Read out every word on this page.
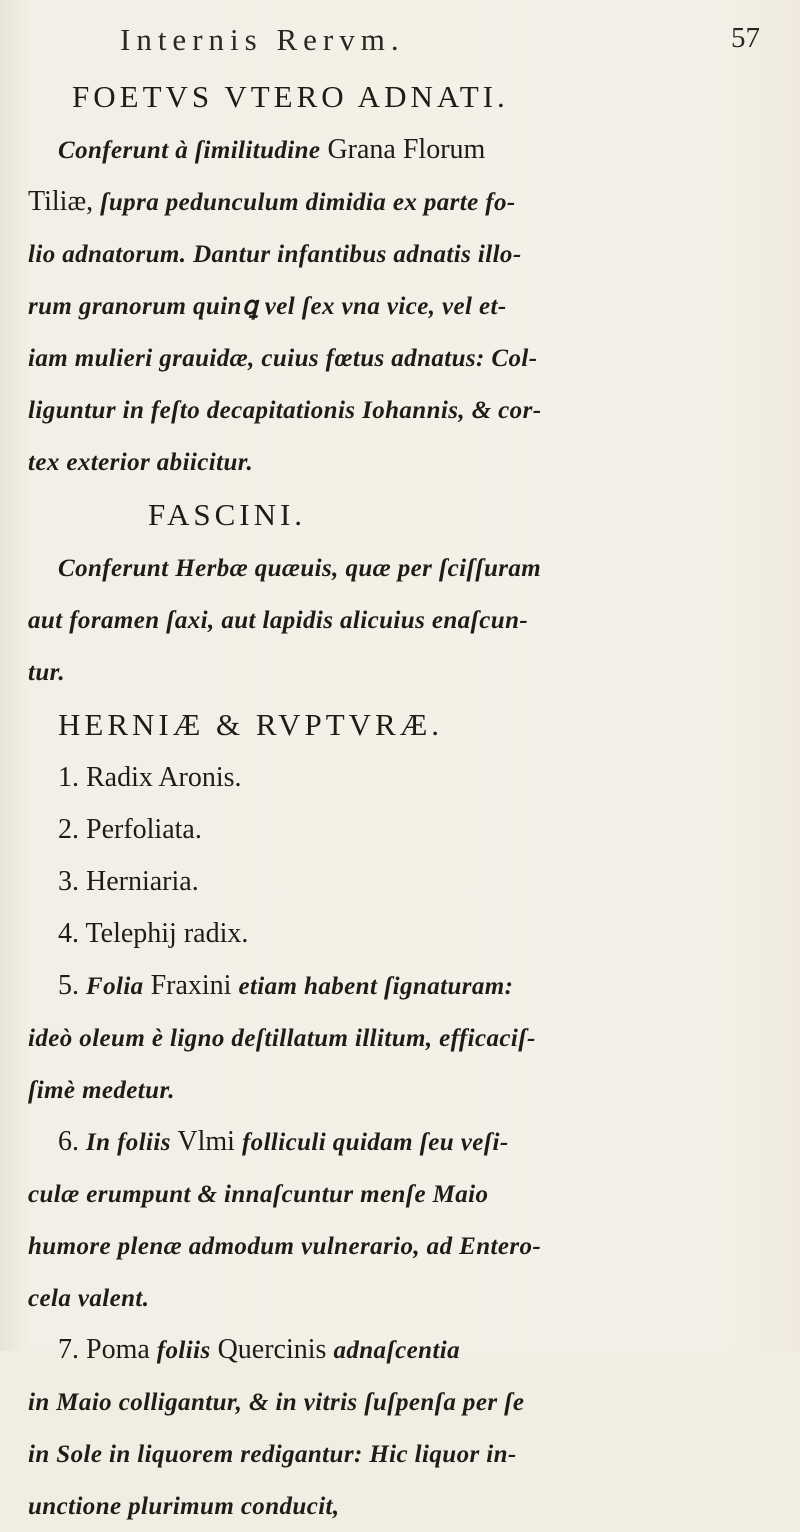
Internis Rervm.	57
FOETVS VTERO ADNATI.
Conferunt à ſimilitudine Grana Florum
Tiliæ, ſupra pedunculum dimidia ex parte fo-
lio adnatorum. Dantur infantibus adnatis illo-
rum granorum quinꝗ vel ſex vna vice, vel et-
iam mulieri grauidæ, cuius fœtus adnatus: Col-
liguntur in feſto decapitationis Iohannis, & cor-
tex exterior abiicitur.
FASCINI.
Conferunt Herbæ quæuis, quæ per ſciſſuram
aut foramen ſaxi, aut lapidis alicuius enaſcun-
tur.
HERNIÆ & RVPTVRÆ.
1. Radix Aronis.
2. Perfoliata.
3. Herniaria.
4. Telephij radix.
5. Folia Fraxini etiam habent ſignaturam:
ideò oleum è ligno deſtillatum illitum, efficaciſ-
ſimè medetur.
6. In foliis Vlmi folliculi quidam ſeu veſi-
culæ erumpunt & innaſcuntur menſe Maio
humore plenæ admodum vulnerario, ad Entero-
cela valent.
7. Poma foliis Quercinis adnaſcentia
in Maio colligantur, & in vitris ſuſpenſa per ſe
in Sole in liquorem redigantur: Hic liquor in-
unctione plurimum conducit,
